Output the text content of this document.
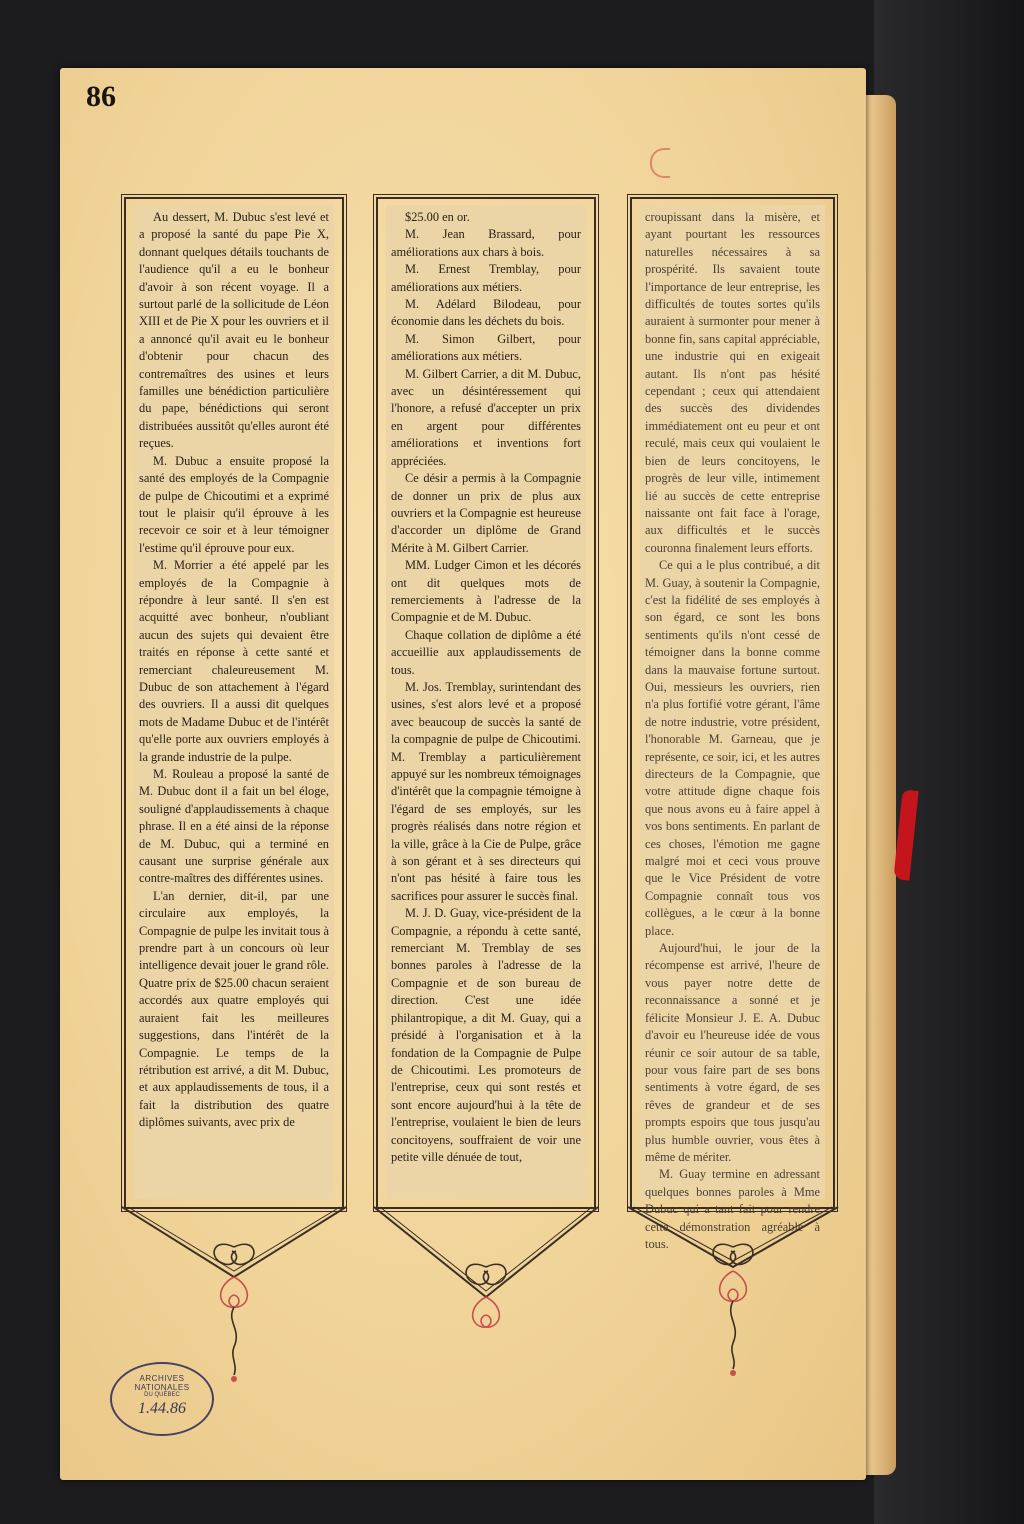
86

Au dessert, M. Dubuc s'est levé et a proposé la santé du pape Pie X, donnant quelques détails touchants de l'audience qu'il a eu le bonheur d'avoir à son récent voyage. Il a surtout parlé de la sollicitude de Léon XIII et de Pie X pour les ouvriers et il a annoncé qu'il avait eu le bonheur d'obtenir pour chacun des contremaîtres des usines et leurs familles une bénédiction particulière du pape, bénédictions qui seront distribuées aussitôt qu'elles auront été reçues.

M. Dubuc a ensuite proposé la santé des employés de la Compagnie de pulpe de Chicoutimi et a exprimé tout le plaisir qu'il éprouve à les recevoir ce soir et à leur témoigner l'estime qu'il éprouve pour eux.

M. Morrier a été appelé par les employés de la Compagnie à répondre à leur santé. Il s'en est acquitté avec bonheur, n'oubliant aucun des sujets qui devaient être traités en réponse à cette santé et remerciant chaleureusement M. Dubuc de son attachement à l'égard des ouvriers. Il a aussi dit quelques mots de Madame Dubuc et de l'intérêt qu'elle porte aux ouvriers employés à la grande industrie de la pulpe.

M. Rouleau a proposé la santé de M. Dubuc dont il a fait un bel éloge, souligné d'applaudissements à chaque phrase. Il en a été ainsi de la réponse de M. Dubuc, qui a terminé en causant une surprise générale aux contre-maîtres des différentes usines.

L'an dernier, dit-il, par une circulaire aux employés, la Compagnie de pulpe les invitait tous à prendre part à un concours où leur intelligence devait jouer le grand rôle. Quatre prix de $25.00 chacun seraient accordés aux quatre employés qui auraient fait les meilleures suggestions, dans l'intérêt de la Compagnie. Le temps de la rétribution est arrivé, a dit M. Dubuc, et aux applaudissements de tous, il a fait la distribution des quatre diplômes suivants, avec prix de

$25.00 en or.

M. Jean Brassard, pour améliorations aux chars à bois.

M. Ernest Tremblay, pour améliorations aux métiers.

M. Adélard Bilodeau, pour économie dans les déchets du bois.

M. Simon Gilbert, pour améliorations aux métiers.

M. Gilbert Carrier, a dit M. Dubuc, avec un désintéressement qui l'honore, a refusé d'accepter un prix en argent pour différentes améliorations et inventions fort appréciées.

Ce désir a permis à la Compagnie de donner un prix de plus aux ouvriers et la Compagnie est heureuse d'accorder un diplôme de Grand Mérite à M. Gilbert Carrier.

MM. Ludger Cimon et les décorés ont dit quelques mots de remerciements à l'adresse de la Compagnie et de M. Dubuc.

Chaque collation de diplôme a été accueillie aux applaudissements de tous.

M. Jos. Tremblay, surintendant des usines, s'est alors levé et a proposé avec beaucoup de succès la santé de la compagnie de pulpe de Chicoutimi. M. Tremblay a particulièrement appuyé sur les nombreux témoignages d'intérêt que la compagnie témoigne à l'égard de ses employés, sur les progrès réalisés dans notre région et la ville, grâce à la Cie de Pulpe, grâce à son gérant et à ses directeurs qui n'ont pas hésité à faire tous les sacrifices pour assurer le succès final.

M. J. D. Guay, vice-président de la Compagnie, a répondu à cette santé, remerciant M. Tremblay de ses bonnes paroles à l'adresse de la Compagnie et de son bureau de direction. C'est une idée philantropique, a dit M. Guay, qui a présidé à l'organisation et à la fondation de la Compagnie de Pulpe de Chicoutimi. Les promoteurs de l'entreprise, ceux qui sont restés et sont encore aujourd'hui à la tête de l'entreprise, voulaient le bien de leurs concitoyens, souffraient de voir une petite ville dénuée de tout,

croupissant dans la misère, et ayant pourtant les ressources naturelles nécessaires à sa prospérité. Ils savaient toute l'importance de leur entreprise, les difficultés de toutes sortes qu'ils auraient à surmonter pour mener à bonne fin, sans capital appréciable, une industrie qui en exigeait autant. Ils n'ont pas hésité cependant ; ceux qui attendaient des succès des dividendes immédiatement ont eu peur et ont reculé, mais ceux qui voulaient le bien de leurs concitoyens, le progrès de leur ville, intimement lié au succès de cette entreprise naissante ont fait face à l'orage, aux difficultés et le succès couronna finalement leurs efforts.

Ce qui a le plus contribué, a dit M. Guay, à soutenir la Compagnie, c'est la fidélité de ses employés à son égard, ce sont les bons sentiments qu'ils n'ont cessé de témoigner dans la bonne comme dans la mauvaise fortune surtout. Oui, messieurs les ouvriers, rien n'a plus fortifié votre gérant, l'âme de notre industrie, votre président, l'honorable M. Garneau, que je représente, ce soir, ici, et les autres directeurs de la Compagnie, que votre attitude digne chaque fois que nous avons eu à faire appel à vos bons sentiments. En parlant de ces choses, l'émotion me gagne malgré moi et ceci vous prouve que le Vice Président de votre Compagnie connaît tous vos collègues, a le cœur à la bonne place.

Aujourd'hui, le jour de la récompense est arrivé, l'heure de vous payer notre dette de reconnaissance a sonné et je félicite Monsieur J. E. A. Dubuc d'avoir eu l'heureuse idée de vous réunir ce soir autour de sa table, pour vous faire part de ses bons sentiments à votre égard, de ses rêves de grandeur et de ses prompts espoirs que tous jusqu'au plus humble ouvrier, vous êtes à même de mériter.

M. Guay termine en adressant quelques bonnes paroles à Mme Dubuc qui a tant fait pour rendre cette démonstration agréable à tous.

ARCHIVES NATIONALES
DU QUÉBEC
1.44.86
